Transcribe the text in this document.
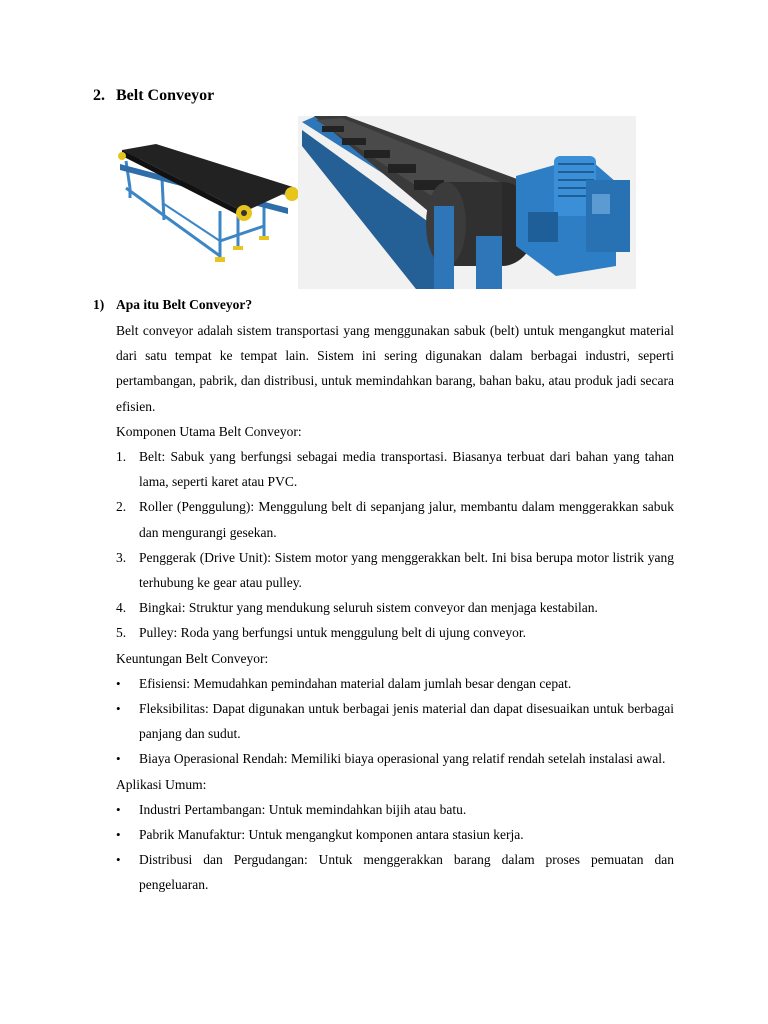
2. Belt Conveyor
1) Apa itu Belt Conveyor?

Belt conveyor adalah sistem transportasi yang menggunakan sabuk (belt) untuk mengangkut material dari satu tempat ke tempat lain. Sistem ini sering digunakan dalam berbagai industri, seperti pertambangan, pabrik, dan distribusi, untuk memindahkan barang, bahan baku, atau produk jadi secara efisien.

Komponen Utama Belt Conveyor:

1. Belt: Sabuk yang berfungsi sebagai media transportasi. Biasanya terbuat dari bahan yang tahan lama, seperti karet atau PVC.

2. Roller (Penggulung): Menggulung belt di sepanjang jalur, membantu dalam menggerakkan sabuk dan mengurangi gesekan.

3. Penggerak (Drive Unit): Sistem motor yang menggerakkan belt. Ini bisa berupa motor listrik yang terhubung ke gear atau pulley.

4. Bingkai: Struktur yang mendukung seluruh sistem conveyor dan menjaga kestabilan.

5. Pulley: Roda yang berfungsi untuk menggulung belt di ujung conveyor.

Keuntungan Belt Conveyor:

• Efisiensi: Memudahkan pemindahan material dalam jumlah besar dengan cepat.

• Fleksibilitas: Dapat digunakan untuk berbagai jenis material dan dapat disesuaikan untuk berbagai panjang dan sudut.

• Biaya Operasional Rendah: Memiliki biaya operasional yang relatif rendah setelah instalasi awal.

Aplikasi Umum:

• Industri Pertambangan: Untuk memindahkan bijih atau batu.

• Pabrik Manufaktur: Untuk mengangkut komponen antara stasiun kerja.

• Distribusi dan Pergudangan: Untuk menggerakkan barang dalam proses pemuatan dan pengeluaran.
